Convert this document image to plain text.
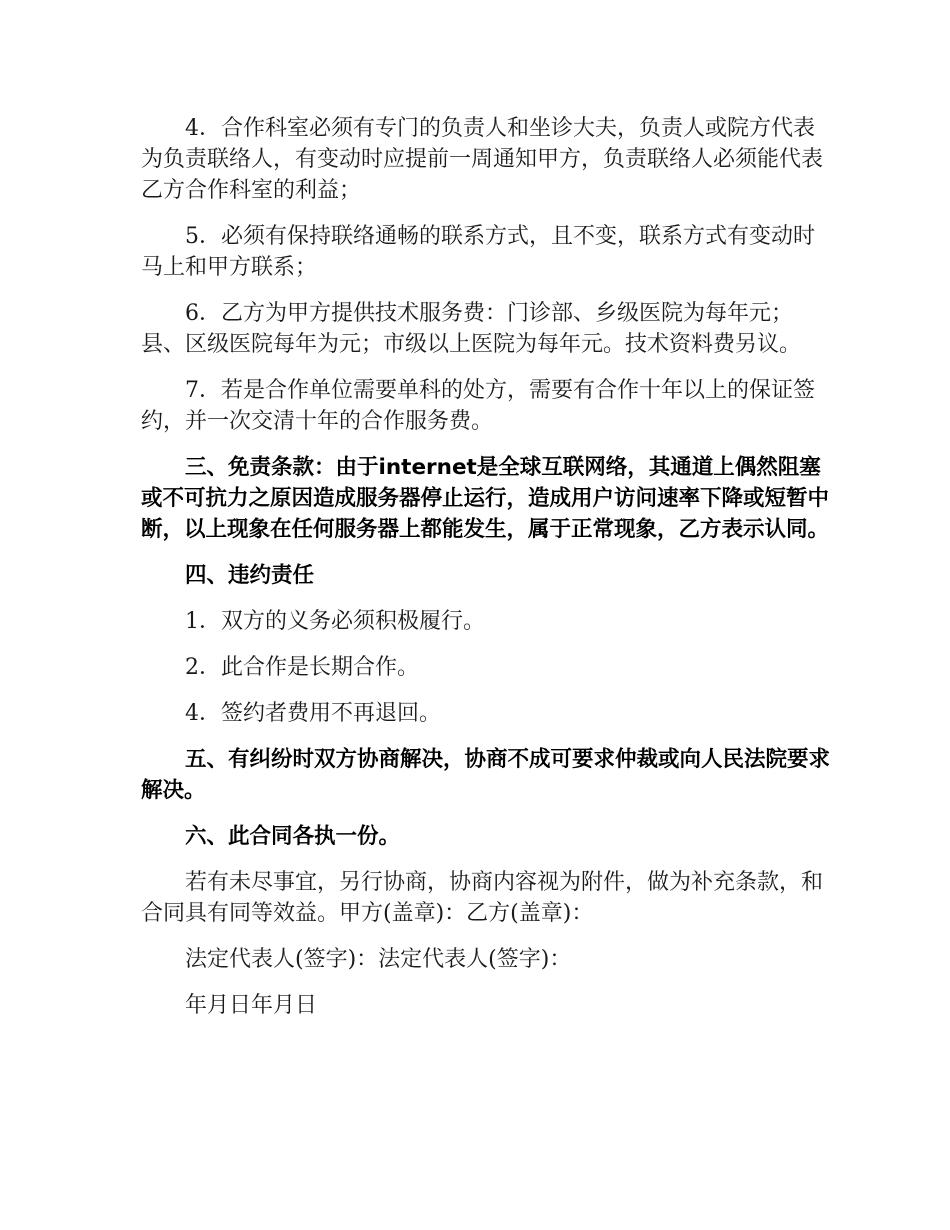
4．合作科室必须有专门的负责人和坐诊大夫，负责人或院方代表为负责联络人，有变动时应提前一周通知甲方，负责联络人必须能代表乙方合作科室的利益；

5．必须有保持联络通畅的联系方式，且不变，联系方式有变动时马上和甲方联系；

6．乙方为甲方提供技术服务费：门诊部、乡级医院为每年元；县、区级医院每年为元；市级以上医院为每年元。技术资料费另议。

7．若是合作单位需要单科的处方，需要有合作十年以上的保证签约，并一次交清十年的合作服务费。

三、免责条款：由于internet是全球互联网络，其通道上偶然阻塞或不可抗力之原因造成服务器停止运行，造成用户访问速率下降或短暂中断，以上现象在任何服务器上都能发生，属于正常现象，乙方表示认同。

四、违约责任

1．双方的义务必须积极履行。

2．此合作是长期合作。

4．签约者费用不再退回。

五、有纠纷时双方协商解决，协商不成可要求仲裁或向人民法院要求解决。

六、此合同各执一份。

若有未尽事宜，另行协商，协商内容视为附件，做为补充条款，和合同具有同等效益。甲方(盖章)：乙方(盖章)：

法定代表人(签字)：法定代表人(签字)：

年月日年月日
